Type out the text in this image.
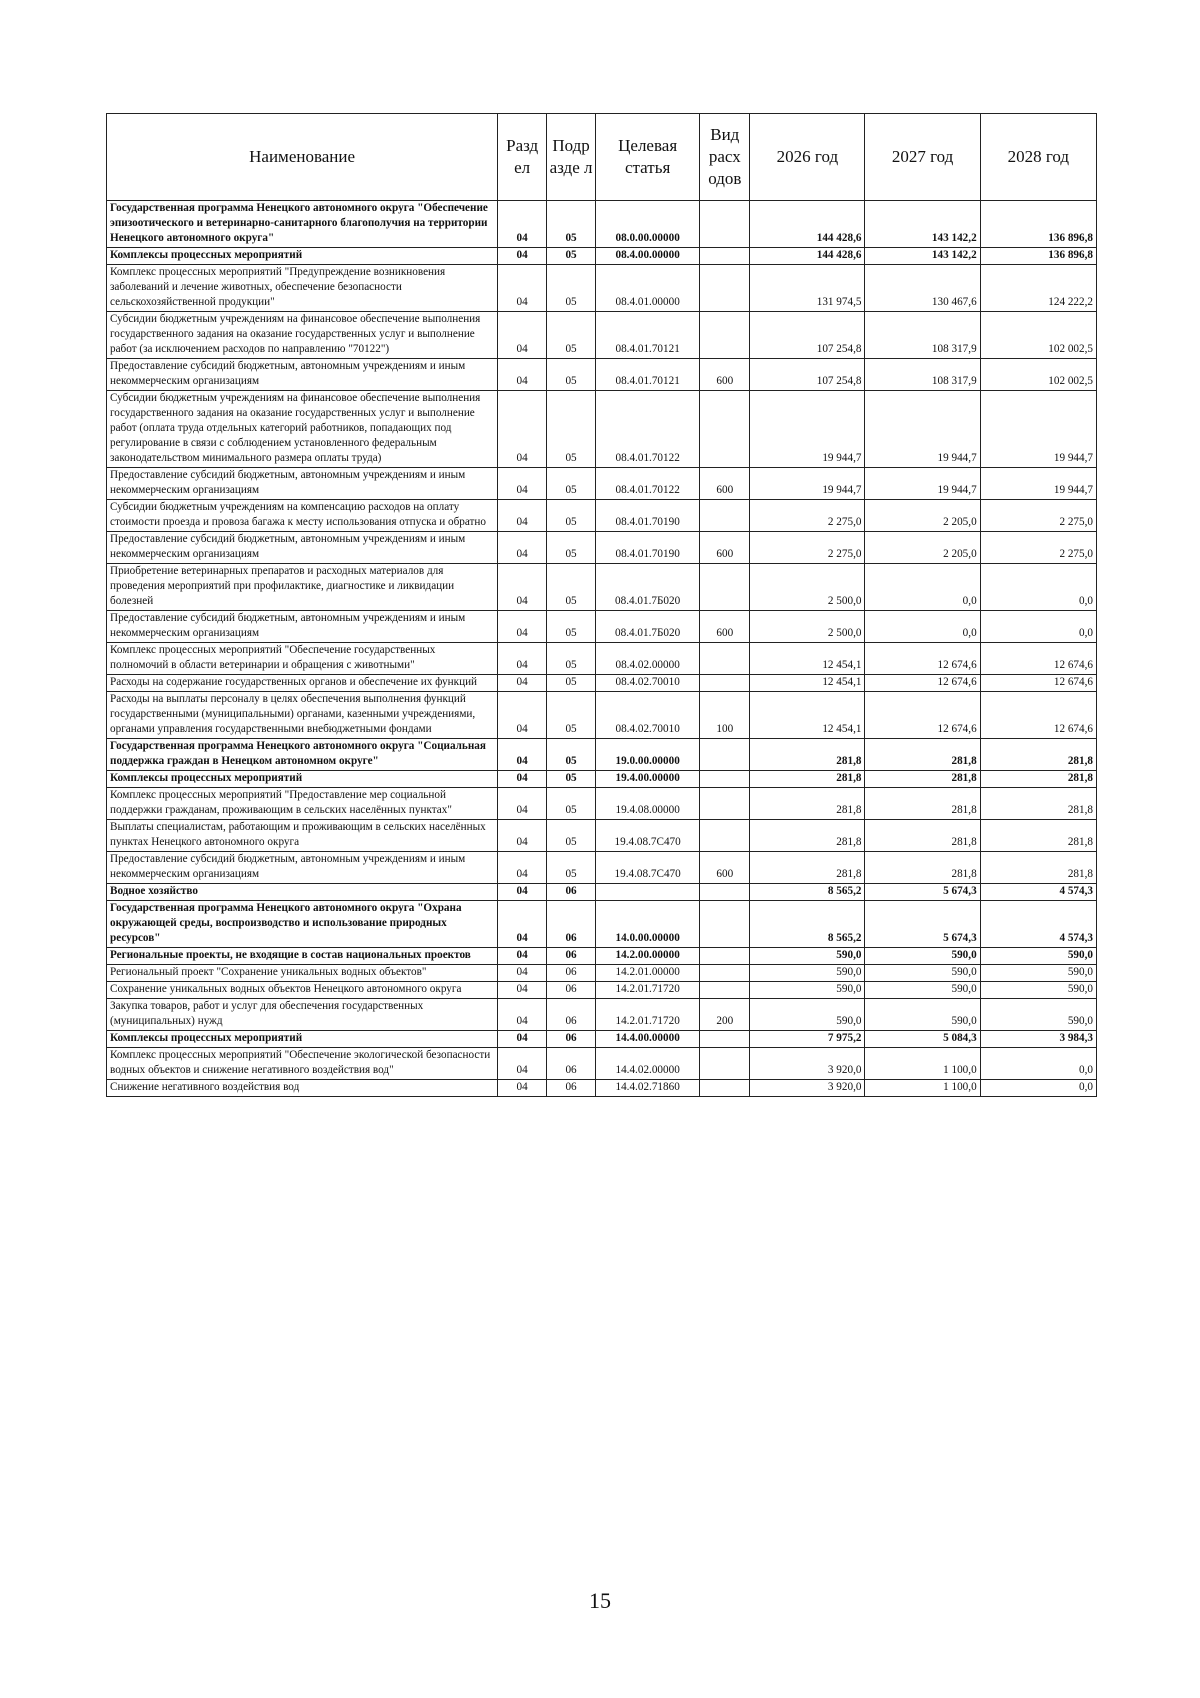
Наименование	Разд ел	Подр азде л	Целевая статья	Вид расх одов	2026 год	2027 год	2028 год
Государственная программа Ненецкого автономного округа "Обеспечение эпизоотического и ветеринарно-санитарного благополучия на территории Ненецкого автономного округа"	04	05	08.0.00.00000		144 428,6	143 142,2	136 896,8
Комплексы процессных мероприятий	04	05	08.4.00.00000		144 428,6	143 142,2	136 896,8
Комплекс процессных мероприятий "Предупреждение возникновения заболеваний и лечение животных, обеспечение безопасности сельскохозяйственной продукции"	04	05	08.4.01.00000		131 974,5	130 467,6	124 222,2
Субсидии бюджетным учреждениям на финансовое обеспечение выполнения государственного задания на оказание государственных услуг и выполнение работ (за исключением расходов по направлению "70122")	04	05	08.4.01.70121		107 254,8	108 317,9	102 002,5
Предоставление субсидий бюджетным, автономным учреждениям и иным некоммерческим организациям	04	05	08.4.01.70121	600	107 254,8	108 317,9	102 002,5
Субсидии бюджетным учреждениям на финансовое обеспечение выполнения государственного задания на оказание государственных услуг и выполнение работ (оплата труда отдельных категорий работников, попадающих под регулирование в связи с соблюдением установленного федеральным законодательством минимального размера оплаты труда)	04	05	08.4.01.70122		19 944,7	19 944,7	19 944,7
Предоставление субсидий бюджетным, автономным учреждениям и иным некоммерческим организациям	04	05	08.4.01.70122	600	19 944,7	19 944,7	19 944,7
Субсидии бюджетным учреждениям на компенсацию расходов на оплату стоимости проезда и провоза багажа к месту использования отпуска и обратно	04	05	08.4.01.70190		2 275,0	2 205,0	2 275,0
Предоставление субсидий бюджетным, автономным учреждениям и иным некоммерческим организациям	04	05	08.4.01.70190	600	2 275,0	2 205,0	2 275,0
Приобретение ветеринарных препаратов и расходных материалов для проведения мероприятий при профилактике, диагностике и ликвидации болезней	04	05	08.4.01.7Б020		2 500,0	0,0	0,0
Предоставление субсидий бюджетным, автономным учреждениям и иным некоммерческим организациям	04	05	08.4.01.7Б020	600	2 500,0	0,0	0,0
Комплекс процессных мероприятий "Обеспечение государственных полномочий в области ветеринарии и обращения с животными"	04	05	08.4.02.00000		12 454,1	12 674,6	12 674,6
Расходы на содержание государственных органов и обеспечение их функций	04	05	08.4.02.70010		12 454,1	12 674,6	12 674,6
Расходы на выплаты персоналу в целях обеспечения выполнения функций государственными (муниципальными) органами, казенными учреждениями, органами управления государственными внебюджетными фондами	04	05	08.4.02.70010	100	12 454,1	12 674,6	12 674,6
Государственная программа Ненецкого автономного округа "Социальная поддержка граждан в Ненецком автономном округе"	04	05	19.0.00.00000		281,8	281,8	281,8
Комплексы процессных мероприятий	04	05	19.4.00.00000		281,8	281,8	281,8
Комплекс процессных мероприятий "Предоставление мер социальной поддержки гражданам, проживающим в сельских населённых пунктах"	04	05	19.4.08.00000		281,8	281,8	281,8
Выплаты специалистам, работающим и проживающим в сельских населённых пунктах Ненецкого автономного округа	04	05	19.4.08.7С470		281,8	281,8	281,8
Предоставление субсидий бюджетным, автономным учреждениям и иным некоммерческим организациям	04	05	19.4.08.7С470	600	281,8	281,8	281,8
Водное хозяйство	04	06			8 565,2	5 674,3	4 574,3
Государственная программа Ненецкого автономного округа "Охрана окружающей среды, воспроизводство и использование природных ресурсов"	04	06	14.0.00.00000		8 565,2	5 674,3	4 574,3
Региональные проекты, не входящие в состав национальных проектов	04	06	14.2.00.00000		590,0	590,0	590,0
Региональный проект "Сохранение уникальных водных объектов"	04	06	14.2.01.00000		590,0	590,0	590,0
Сохранение уникальных водных объектов Ненецкого автономного округа	04	06	14.2.01.71720		590,0	590,0	590,0
Закупка товаров, работ и услуг для обеспечения государственных (муниципальных) нужд	04	06	14.2.01.71720	200	590,0	590,0	590,0
Комплексы процессных мероприятий	04	06	14.4.00.00000		7 975,2	5 084,3	3 984,3
Комплекс процессных мероприятий "Обеспечение экологической безопасности водных объектов и снижение негативного воздействия вод"	04	06	14.4.02.00000		3 920,0	1 100,0	0,0
Снижение негативного воздействия вод	04	06	14.4.02.71860		3 920,0	1 100,0	0,0
15
